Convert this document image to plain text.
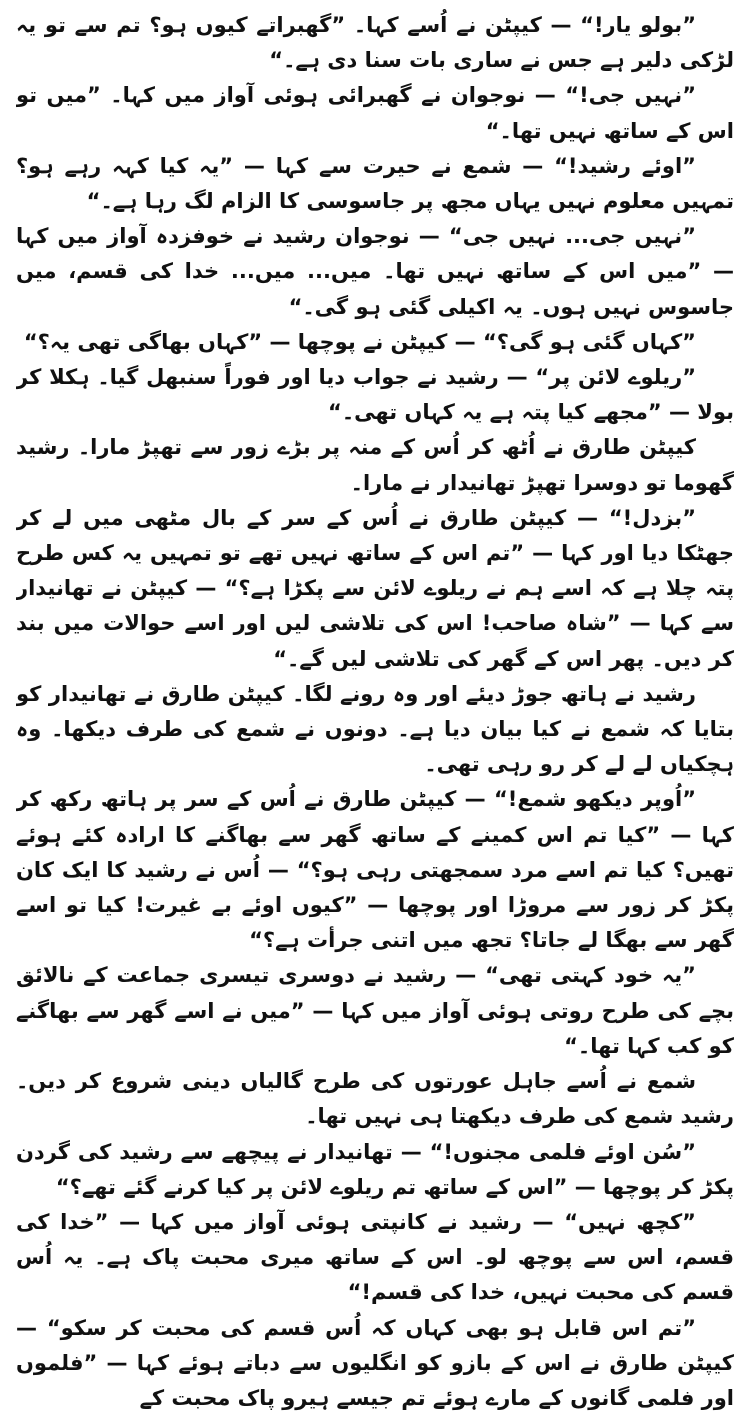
”بولو یار!“ — کیپٹن نے اُسے کہا۔ ”گھبراتے کیوں ہو؟ تم سے تو یہ لڑکی دلیر ہے جس نے ساری بات سنا دی ہے۔“

”نہیں جی!“ — نوجوان نے گھبرائی ہوئی آواز میں کہا۔ ”میں تو اس کے ساتھ نہیں تھا۔“

”اوئے رشید!“ — شمع نے حیرت سے کہا — ”یہ کیا کہہ رہے ہو؟ تمہیں معلوم نہیں یہاں مجھ پر جاسوسی کا الزام لگ رہا ہے۔“

”نہیں جی... نہیں جی“ — نوجوان رشید نے خوفزدہ آواز میں کہا — ”میں اس کے ساتھ نہیں تھا۔ میں... میں... خدا کی قسم، میں جاسوس نہیں ہوں۔ یہ اکیلی گئی ہو گی۔“

”کہاں گئی ہو گی؟“ — کیپٹن نے پوچھا — ”کہاں بھاگی تھی یہ؟“

”ریلوے لائن پر“ — رشید نے جواب دیا اور فوراً سنبھل گیا۔ ہکلا کر بولا — ”مجھے کیا پتہ ہے یہ کہاں تھی۔“

کیپٹن طارق نے اُٹھ کر اُس کے منہ پر بڑے زور سے تھپڑ مارا۔ رشید گھوما تو دوسرا تھپڑ تھانیدار نے مارا۔

”بزدل!“ — کیپٹن طارق نے اُس کے سر کے بال مٹھی میں لے کر جھٹکا دیا اور کہا — ”تم اس کے ساتھ نہیں تھے تو تمہیں یہ کس طرح پتہ چلا ہے کہ اسے ہم نے ریلوے لائن سے پکڑا ہے؟“ — کیپٹن نے تھانیدار سے کہا — ”شاہ صاحب! اس کی تلاشی لیں اور اسے حوالات میں بند کر دیں۔ پھر اس کے گھر کی تلاشی لیں گے۔“

رشید نے ہاتھ جوڑ دیئے اور وہ رونے لگا۔ کیپٹن طارق نے تھانیدار کو بتایا کہ شمع نے کیا بیان دیا ہے۔ دونوں نے شمع کی طرف دیکھا۔ وہ ہچکیاں لے لے کر رو رہی تھی۔

”اُوپر دیکھو شمع!“ — کیپٹن طارق نے اُس کے سر پر ہاتھ رکھ کر کہا — ”کیا تم اس کمینے کے ساتھ گھر سے بھاگنے کا ارادہ کئے ہوئے تھیں؟ کیا تم اسے مرد سمجھتی رہی ہو؟“ — اُس نے رشید کا ایک کان پکڑ کر زور سے مروڑا اور پوچھا — ”کیوں اوئے بے غیرت! کیا تو اسے گھر سے بھگا لے جاتا؟ تجھ میں اتنی جرأت ہے؟“

”یہ خود کہتی تھی“ — رشید نے دوسری تیسری جماعت کے نالائق بچے کی طرح روتی ہوئی آواز میں کہا — ”میں نے اسے گھر سے بھاگنے کو کب کہا تھا۔“

شمع نے اُسے جاہل عورتوں کی طرح گالیاں دینی شروع کر دیں۔ رشید شمع کی طرف دیکھتا ہی نہیں تھا۔

”سُن اوئے فلمی مجنوں!“ — تھانیدار نے پیچھے سے رشید کی گردن پکڑ کر پوچھا — ”اس کے ساتھ تم ریلوے لائن پر کیا کرنے گئے تھے؟“

”کچھ نہیں“ — رشید نے کانپتی ہوئی آواز میں کہا — ”خدا کی قسم، اس سے پوچھ لو۔ اس کے ساتھ میری محبت پاک ہے۔ یہ اُس قسم کی محبت نہیں، خدا کی قسم!“

”تم اس قابل ہو بھی کہاں کہ اُس قسم کی محبت کر سکو“ — کیپٹن طارق نے اس کے بازو کو انگلیوں سے دباتے ہوئے کہا — ”فلموں اور فلمی گانوں کے مارے ہوئے تم جیسے ہیرو پاک محبت کے
